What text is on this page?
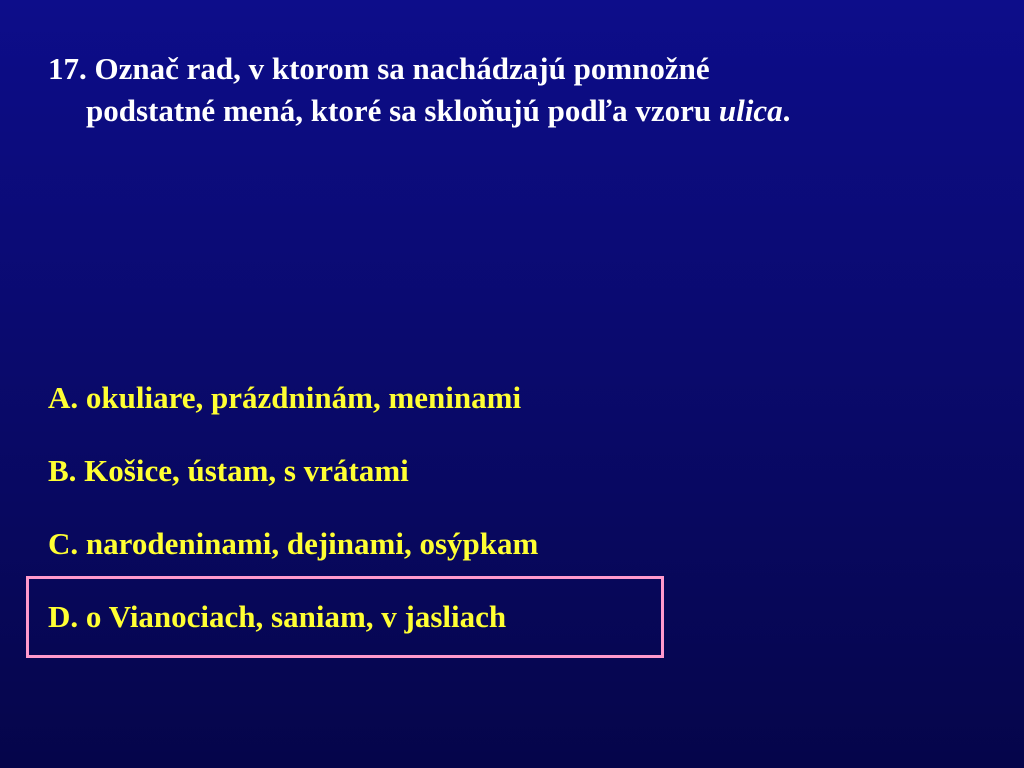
17. Označ rad, v ktorom sa nachádzajú pomnožné
podstatné mená, ktoré sa skloňujú podľa vzoru ulica.
A. okuliare, prázdninám, meninami
B. Košice, ústam, s vrátami
C. narodeninami, dejinami, osýpkam
D. o Vianociach, saniam, v jasliach
